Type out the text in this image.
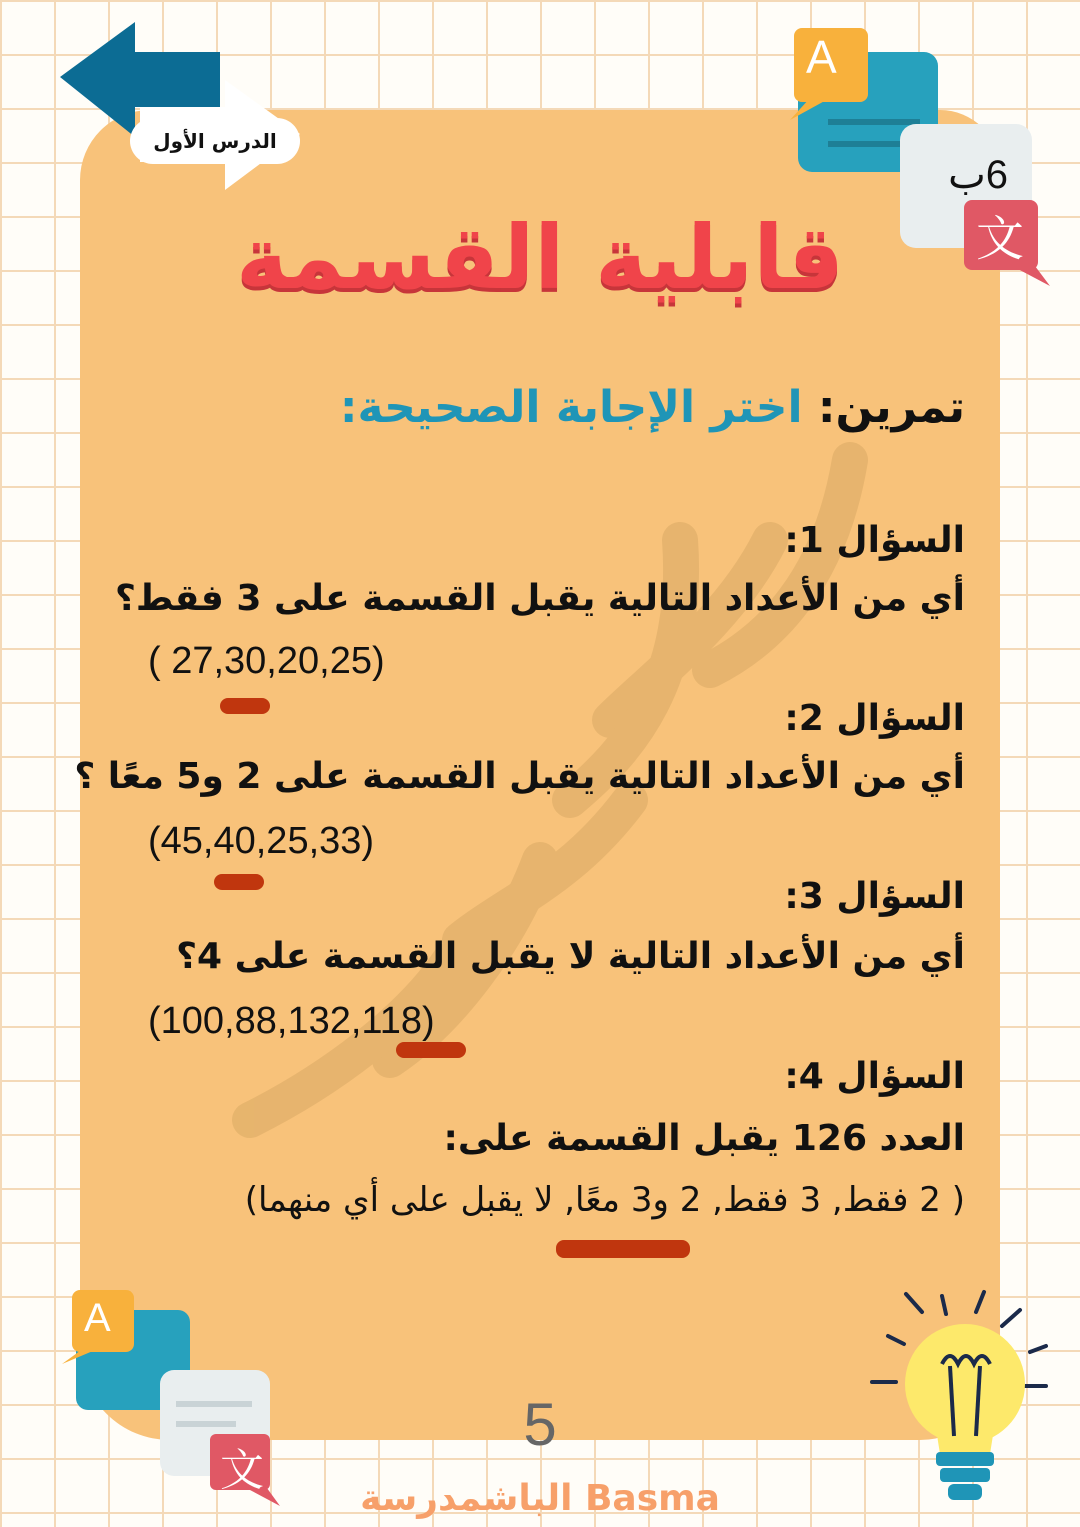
الدرس الأول
A
文
6ب
قابلية القسمة
تمرين: اختر الإجابة الصحيحة:
السؤال 1:
أي من الأعداد التالية يقبل القسمة على 3 فقط؟
( 27,30,20,25)
السؤال 2:
أي من الأعداد التالية يقبل القسمة على 2 و5 معًا ؟
(45,40,25,33)
السؤال 3:
أي من الأعداد التالية لا يقبل القسمة على 4؟
(100,88,132,118)
السؤال 4:
العدد 126 يقبل القسمة على:
( 2 فقط, 3 فقط, 2 و3 معًا, لا يقبل على أي منهما)
A
文
5
الباشمدرسة Basma
